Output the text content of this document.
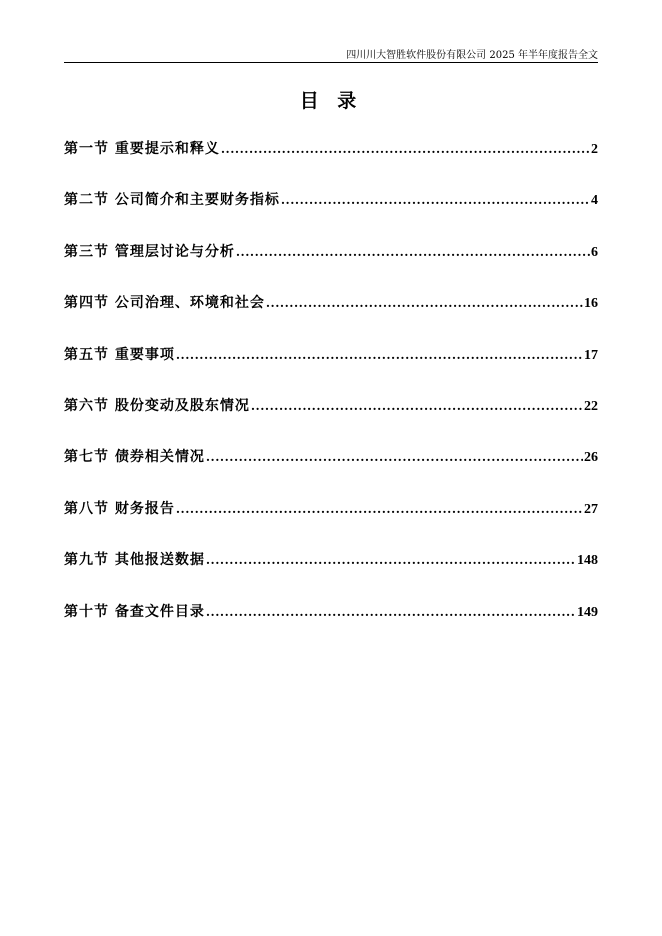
四川川大智胜软件股份有限公司 2025 年半年度报告全文
目 录
第一节 重要提示和释义 .....	2
第二节 公司简介和主要财务指标 .....	4
第三节 管理层讨论与分析 .....	6
第四节 公司治理、环境和社会 .....	16
第五节 重要事项 .....	17
第六节 股份变动及股东情况 .....	22
第七节 债券相关情况 .....	26
第八节 财务报告 .....	27
第九节 其他报送数据 .....	148
第十节 备查文件目录 .....	149
